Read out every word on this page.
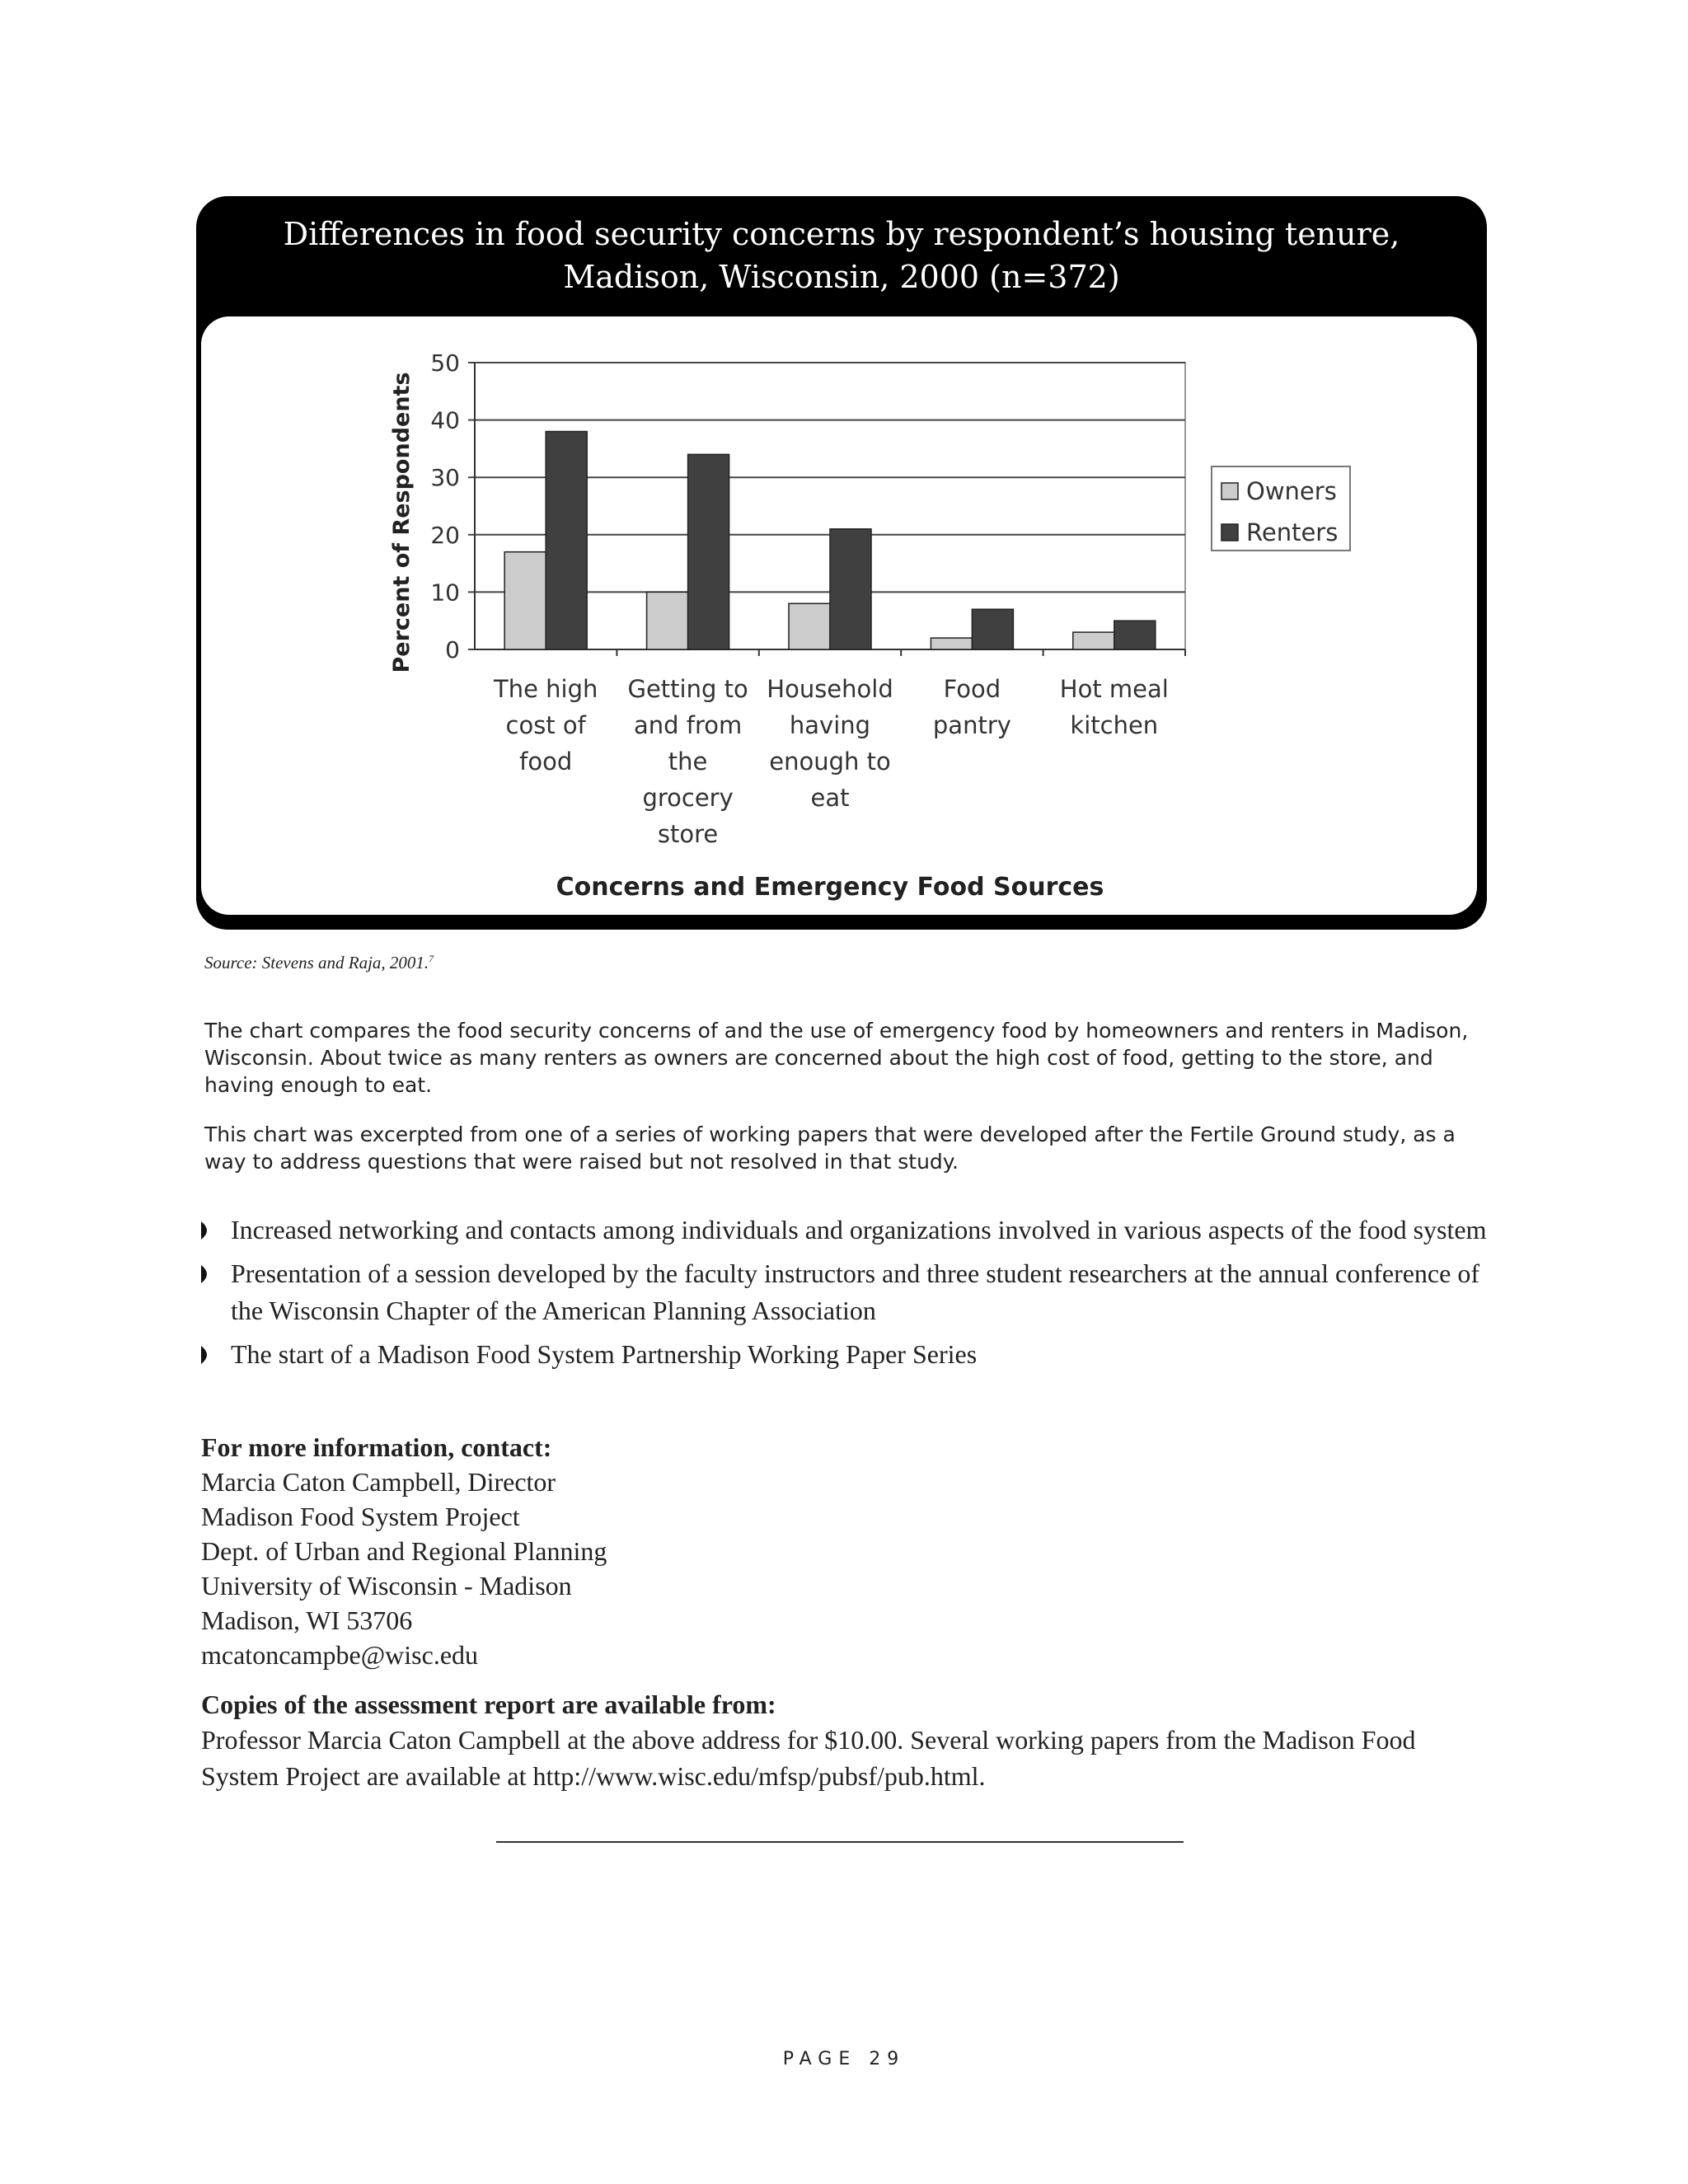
Differences in food security concerns by respondent’s housing tenure,
Madison, Wisconsin, 2000 (n=372)
0
10
20
30
40
50
The high cost of food
Getting to and from the grocery store
Household having enough to eat
Food pantry
Hot meal kitchen
Percent of Respondents
Concerns and Emergency Food Sources
Owners
Renters
Source: Stevens and Raja, 2001.$^7$
The chart compares the food security concerns of and the use of emergency food by homeowners and renters in Madison, Wisconsin. About twice as many renters as owners are concerned about the high cost of food, getting to the store, and having enough to eat.
This chart was excerpted from one of a series of working papers that were developed after the Fertile Ground study, as a way to address questions that were raised but not resolved in that study.
Increased networking and contacts among individuals and organizations involved in various aspects of the food system
Presentation of a session developed by the faculty instructors and three student researchers at the annual conference of the Wisconsin Chapter of the American Planning Association
The start of a Madison Food System Partnership Working Paper Series
For more information, contact:
Marcia Caton Campbell, Director
Madison Food System Project
Dept. of Urban and Regional Planning
University of Wisconsin - Madison
Madison, WI 53706
mcatoncampbe@wisc.edu
Copies of the assessment report are available from:
Professor Marcia Caton Campbell at the above address for $10.00. Several working papers from the Madison Food System Project are available at http://www.wisc.edu/mfsp/pubsf/pub.html.
PAGE 29
